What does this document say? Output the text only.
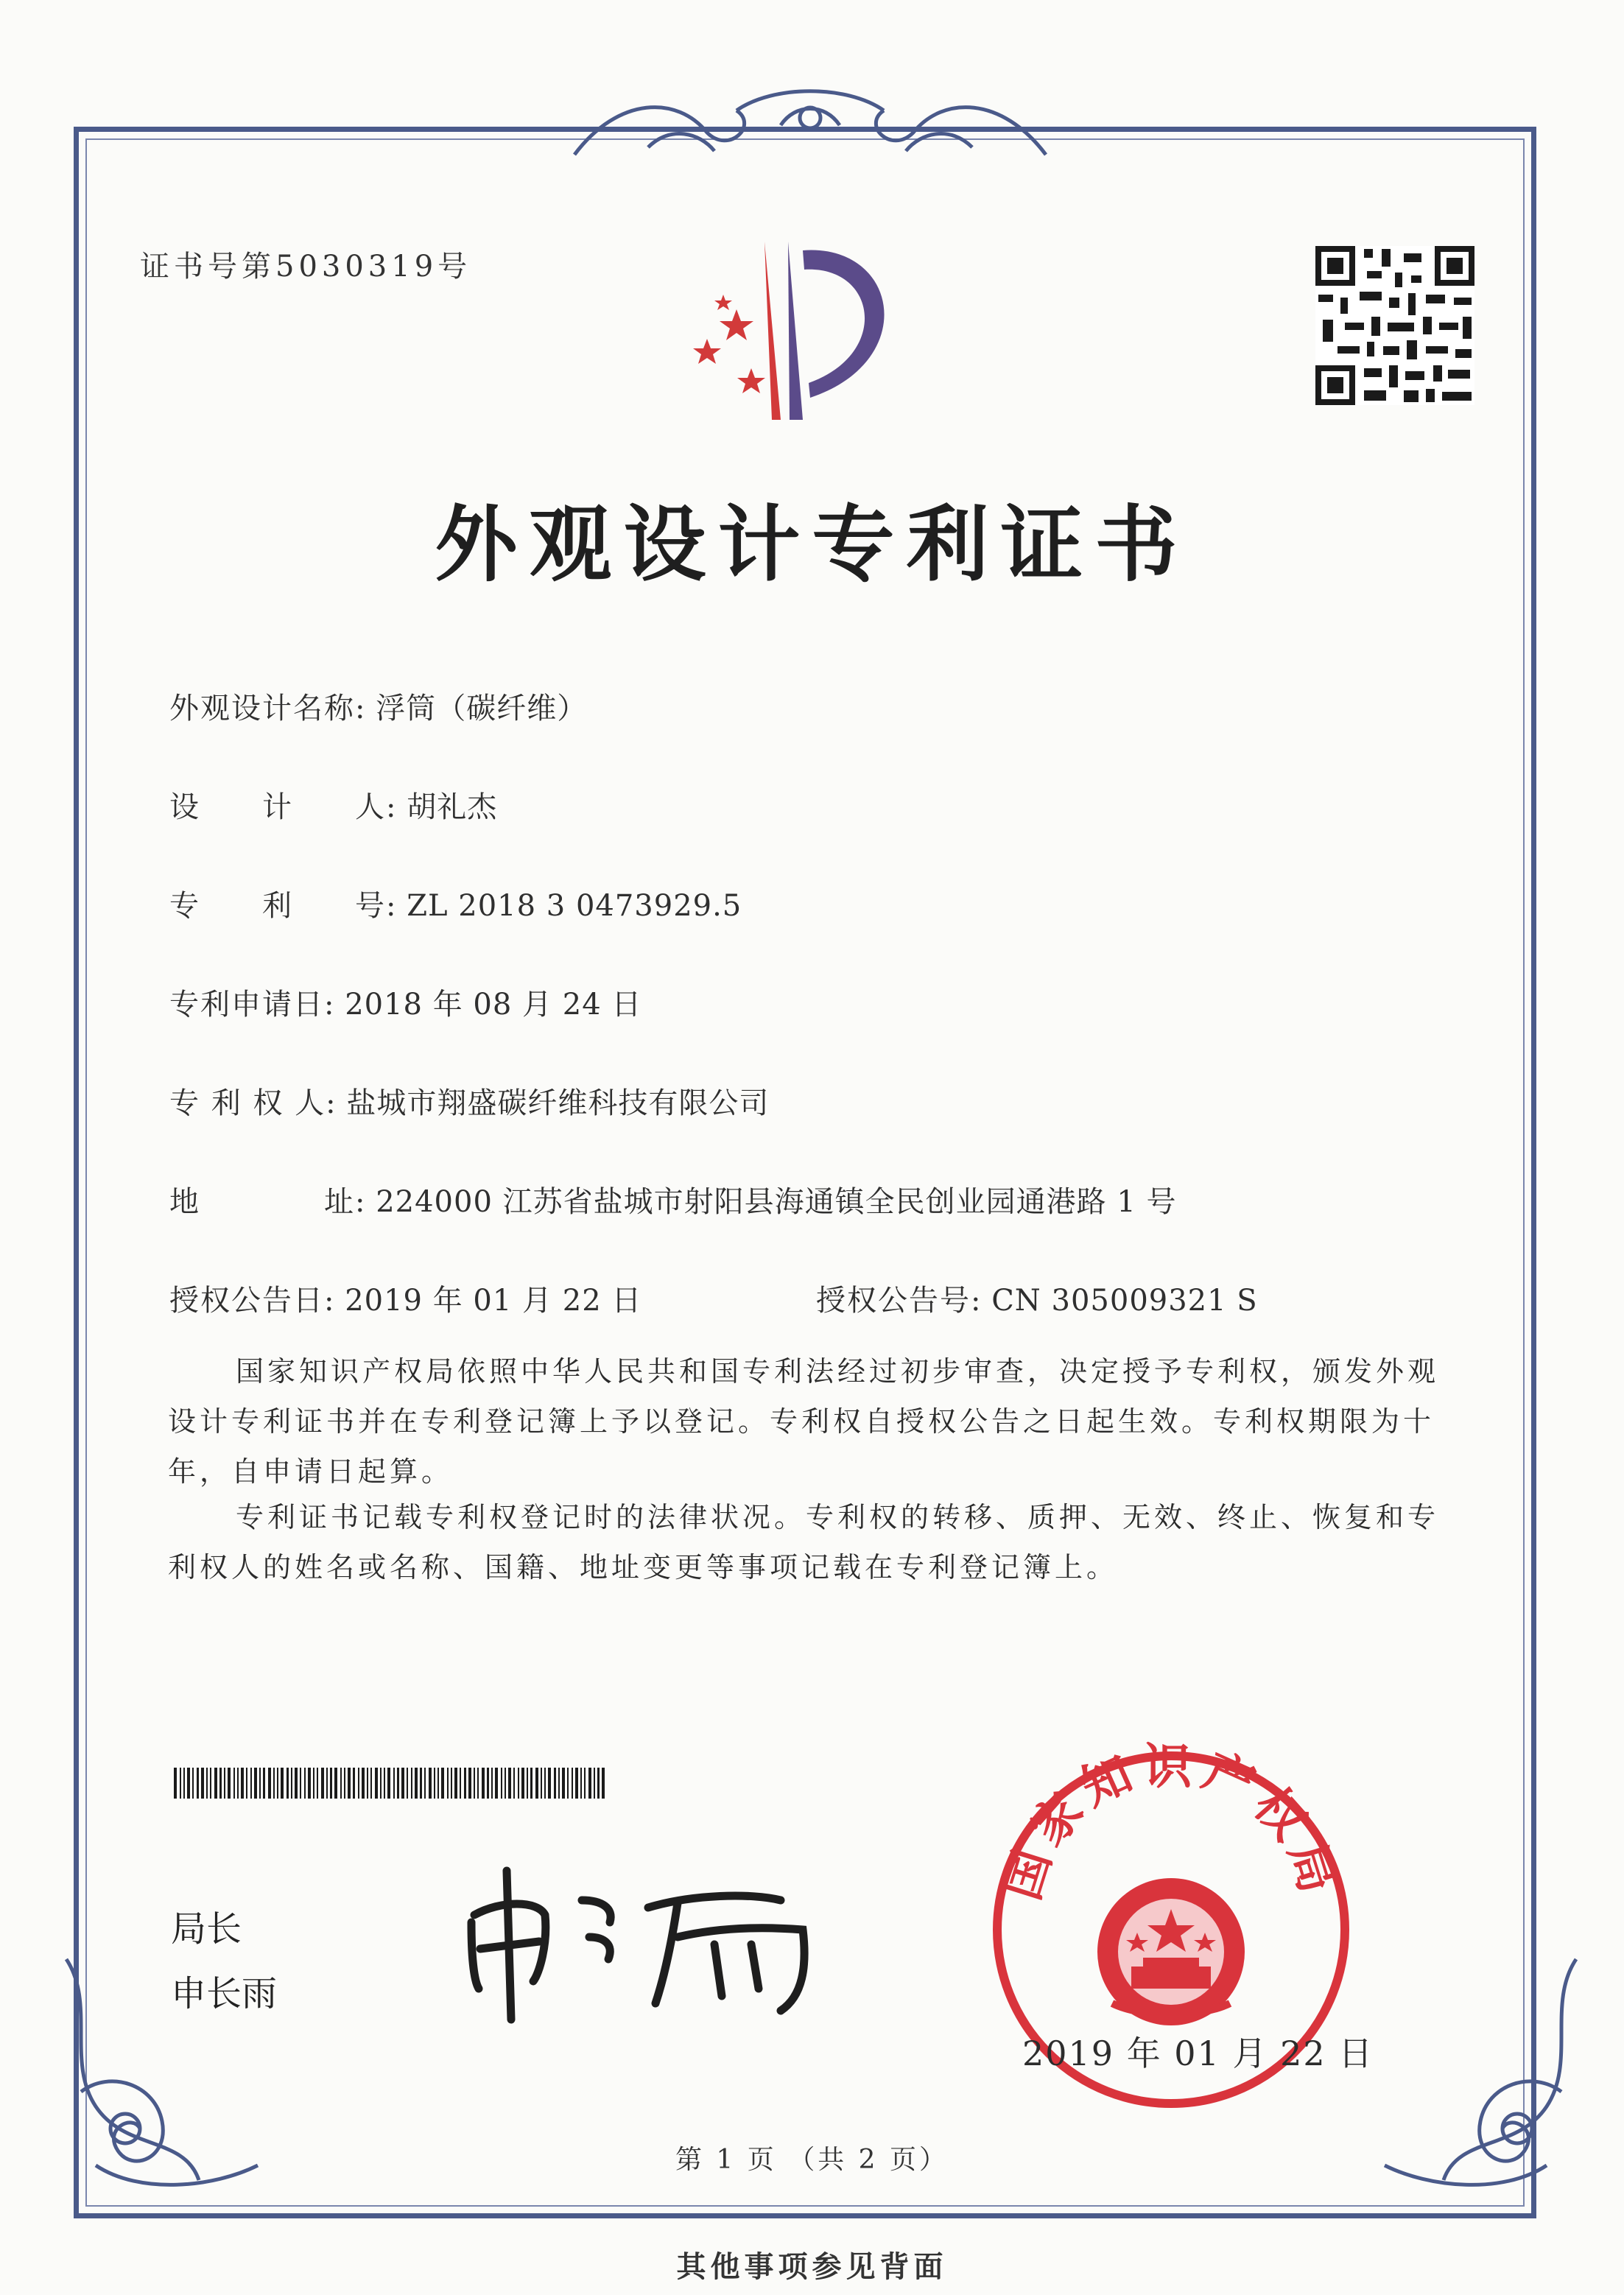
证书号第5030319号
外观设计专利证书
外观设计名称: 浮筒（碳纤维）
设　　计　　人: 胡礼杰
专　　利　　号: ZL 2018 3 0473929.5
专利申请日: 2018 年 08 月 24 日
专 利 权 人: 盐城市翔盛碳纤维科技有限公司
地　　　　址: 224000 江苏省盐城市射阳县海通镇全民创业园通港路 1 号
授权公告日: 2019 年 01 月 22 日	授权公告号: CN 305009321 S
国家知识产权局依照中华人民共和国专利法经过初步审查，决定授予专利权，颁发外观设计专利证书并在专利登记簿上予以登记。专利权自授权公告之日起生效。专利权期限为十年，自申请日起算。
专利证书记载专利权登记时的法律状况。专利权的转移、质押、无效、终止、恢复和专利权人的姓名或名称、国籍、地址变更等事项记载在专利登记簿上。
局长
申长雨
国家知识产权局
2019 年 01 月 22 日
第 1 页 （共 2 页）
其他事项参见背面
